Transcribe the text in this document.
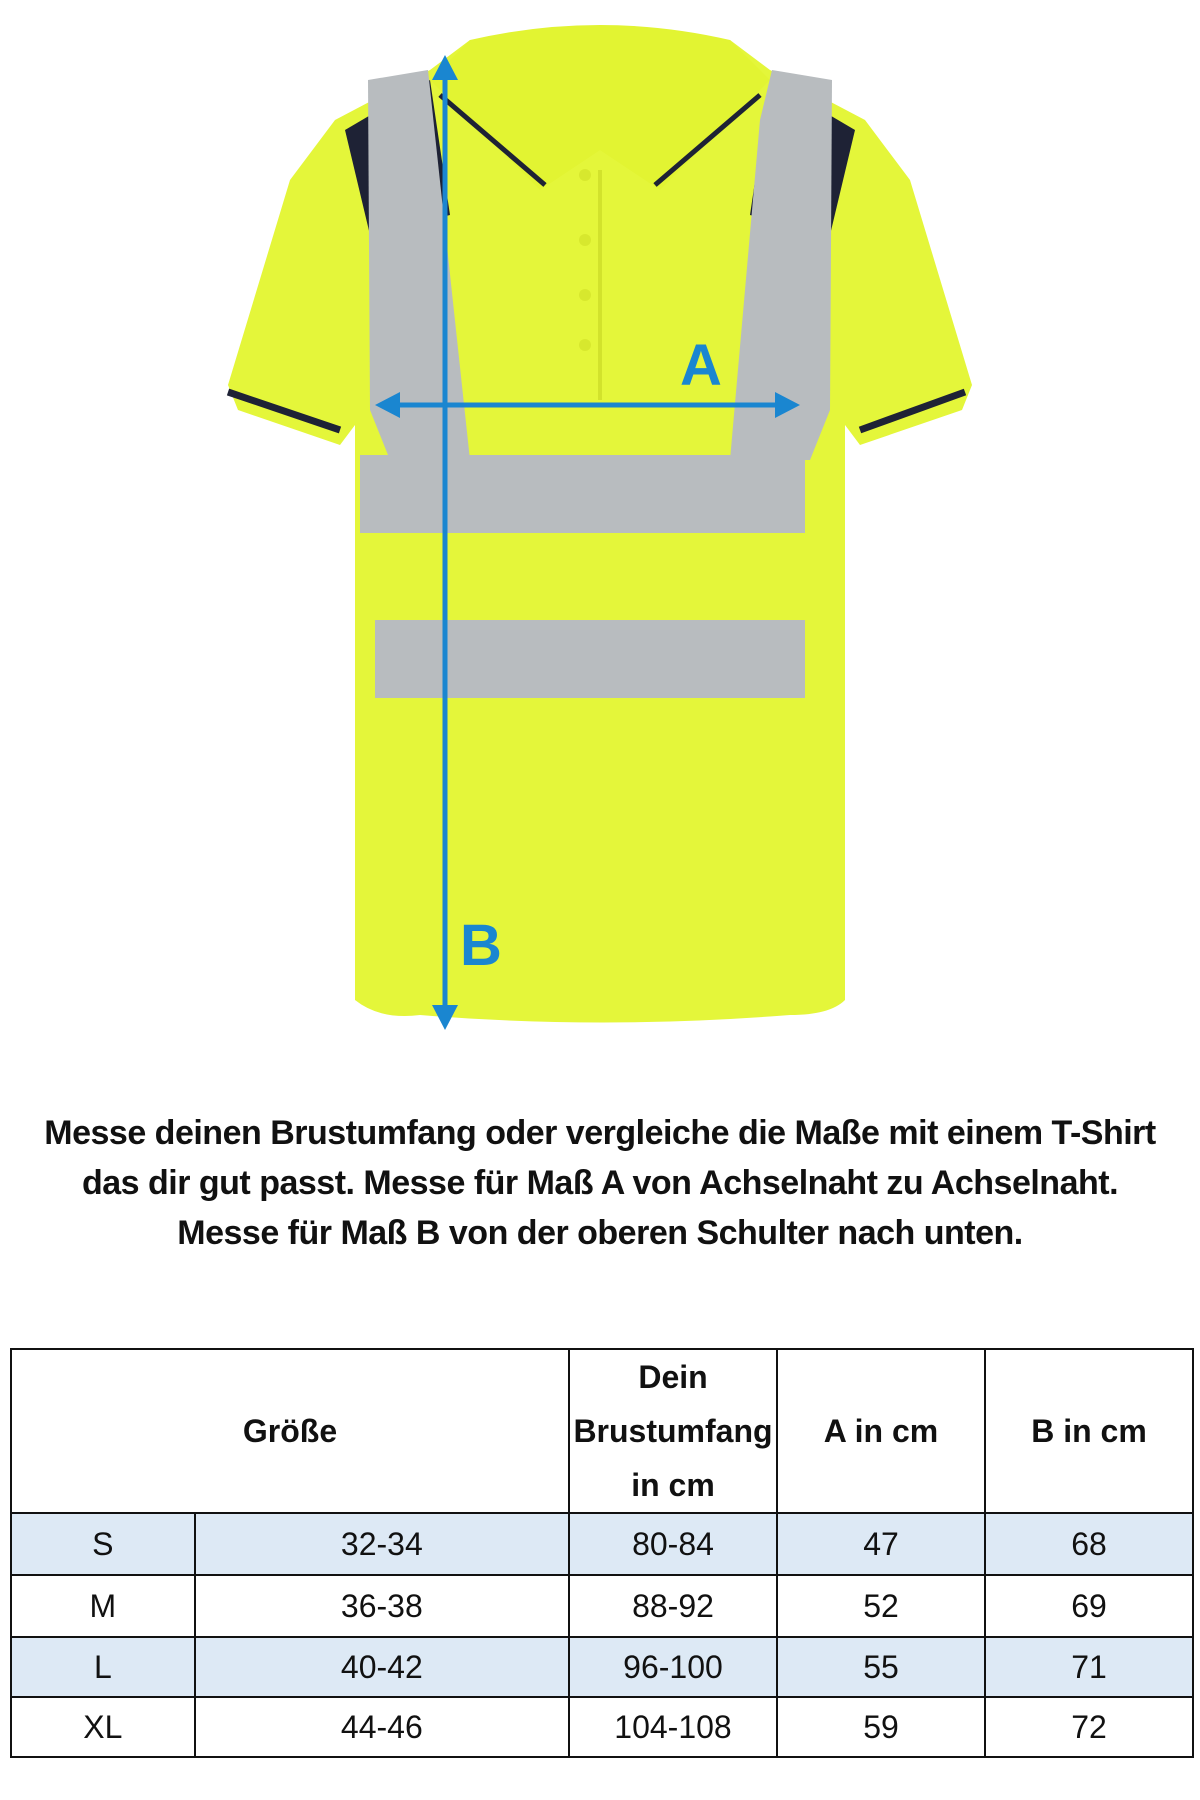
A
B
Messe deinen Brustumfang oder vergleiche die Maße mit einem T-Shirt das dir gut passt. Messe für Maß A von Achselnaht zu Achselnaht. Messe für Maß B von der oberen Schulter nach unten.
Größe		Dein Brustumfang in cm	A in cm	B in cm
S	32-34	80-84	47	68
M	36-38	88-92	52	69
L	40-42	96-100	55	71
XL	44-46	104-108	59	72
